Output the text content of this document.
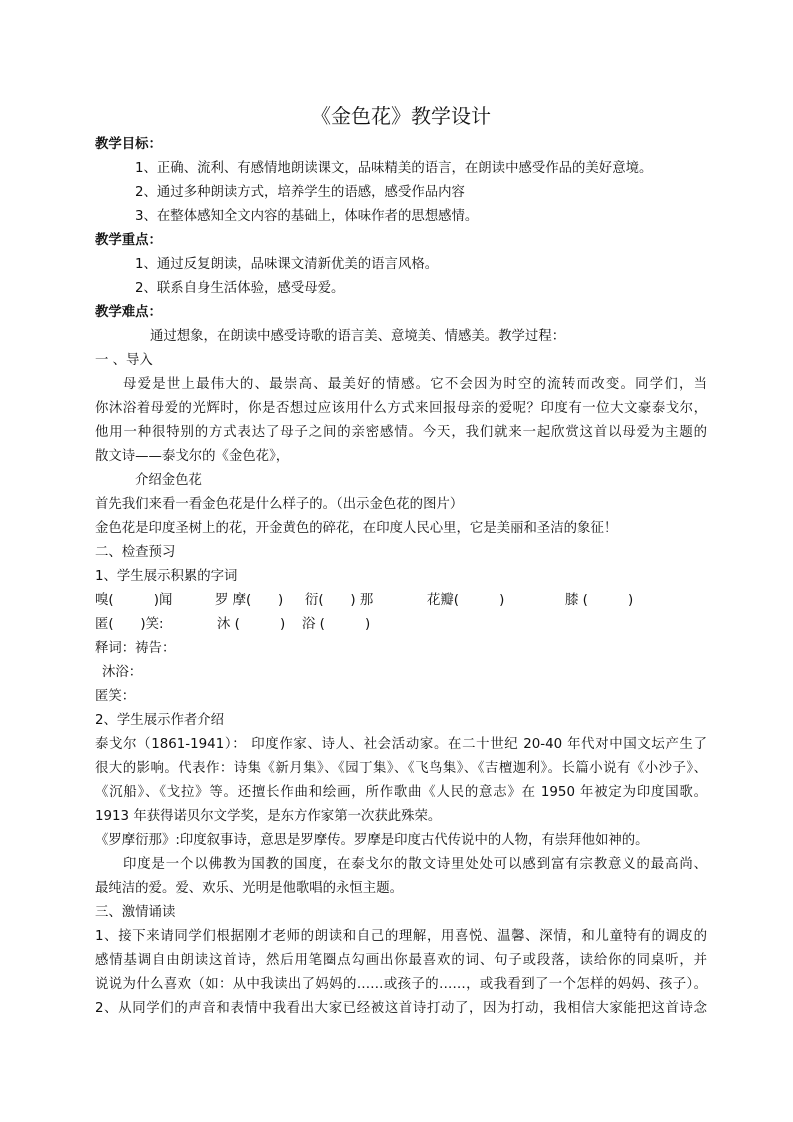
《金色花》教学设计
教学目标：
1、正确、流利、有感情地朗读课文，品味精美的语言，在朗读中感受作品的美好意境。
2、通过多种朗读方式，培养学生的语感，感受作品内容
3、在整体感知全文内容的基础上，体味作者的思想感情。
教学重点：
1、通过反复朗读，品味课文清新优美的语言风格。
2、联系自身生活体验，感受母爱。
教学难点：
通过想象，在朗读中感受诗歌的语言美、意境美、情感美。教学过程：
一 、导入
母爱是世上最伟大的、最崇高、最美好的情感。它不会因为时空的流转而改变。同学们，当
你沐浴着母爱的光辉时，你是否想过应该用什么方式来回报母亲的爱呢？印度有一位大文豪泰戈尔，
他用一种很特别的方式表达了母子之间的亲密感情。今天，我们就来一起欣赏这首以母爱为主题的
散文诗——泰戈尔的《金色花》，
介绍金色花
首先我们来看一看金色花是什么样子的。（出示金色花的图片）
金色花是印度圣树上的花，开金黄色的碎花，在印度人民心里，它是美丽和圣洁的象征！
二、检查预习
1、学生展示积累的字词
嗅(　　　)闻	罗 摩(　　) 衍(　　) 那	花瓣(　　　)	膝 (　　　)
匿(　　)笑:	沐 (　　　) 浴 (　　　)
释词：祷告：
沐浴：
匿笑：
2、学生展示作者介绍
泰戈尔（1861-1941）： 印度作家、诗人、社会活动家。在二十世纪 20-40 年代对中国文坛产生了
很大的影响。代表作：诗集《新月集》、《园丁集》、《飞鸟集》、《吉檀迦利》。长篇小说有《小沙子》、
《沉船》、《戈拉》等。还擅长作曲和绘画，所作歌曲《人民的意志》在 1950 年被定为印度国歌。
1913 年获得诺贝尔文学奖，是东方作家第一次获此殊荣。
《罗摩衍那》:印度叙事诗，意思是罗摩传。罗摩是印度古代传说中的人物，有崇拜他如神的。
印度是一个以佛教为国教的国度，在泰戈尔的散文诗里处处可以感到富有宗教意义的最高尚、
最纯洁的爱。爱、欢乐、光明是他歌唱的永恒主题。
三、激情诵读
1、接下来请同学们根据刚才老师的朗读和自己的理解，用喜悦、温馨、深情，和儿童特有的调皮的
感情基调自由朗读这首诗，然后用笔圈点勾画出你最喜欢的词、句子或段落，读给你的同桌听，并
说说为什么喜欢（如：从中我读出了妈妈的……或孩子的……，或我看到了一个怎样的妈妈、孩子）。
2、从同学们的声音和表情中我看出大家已经被这首诗打动了，因为打动，我相信大家能把这首诗念
